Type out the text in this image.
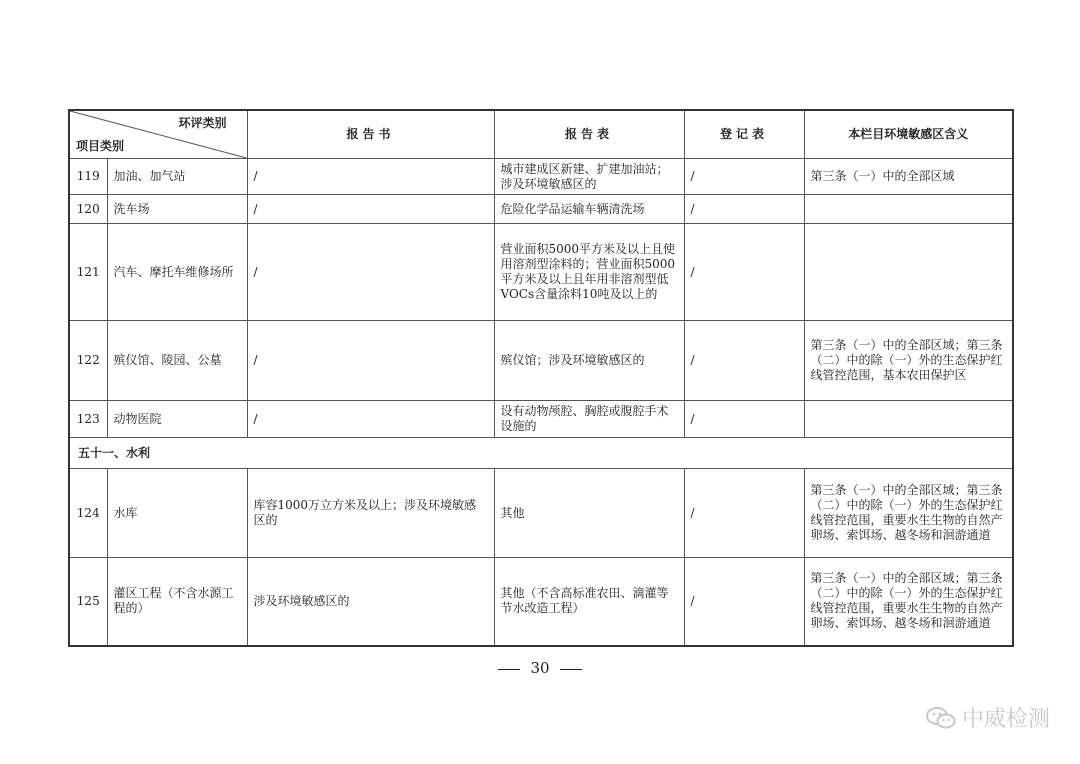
环评类别
项目类别		报告书	报告表	登记表	本栏目环境敏感区含义
119	加油、加气站	/	城市建成区新建、扩建加油站；涉及环境敏感区的	/	第三条（一）中的全部区域
120	洗车场	/	危险化学品运输车辆清洗场	/	
121	汽车、摩托车维修场所	/	营业面积5000平方米及以上且使用溶剂型涂料的；营业面积5000平方米及以上且年用非溶剂型低VOCs含量涂料10吨及以上的	/	
122	殡仪馆、陵园、公墓	/	殡仪馆；涉及环境敏感区的	/	第三条（一）中的全部区域；第三条（二）中的除（一）外的生态保护红线管控范围，基本农田保护区
123	动物医院	/	设有动物颅腔、胸腔或腹腔手术设施的	/	
五十一、水利					
124	水库	库容1000万立方米及以上；涉及环境敏感区的	其他	/	第三条（一）中的全部区域；第三条（二）中的除（一）外的生态保护红线管控范围，重要水生生物的自然产卵场、索饵场、越冬场和洄游通道
125	灌区工程（不含水源工程的）	涉及环境敏感区的	其他（不含高标准农田、滴灌等节水改造工程）	/	第三条（一）中的全部区域；第三条（二）中的除（一）外的生态保护红线管控范围，重要水生生物的自然产卵场、索饵场、越冬场和洄游通道
30
中威检测
